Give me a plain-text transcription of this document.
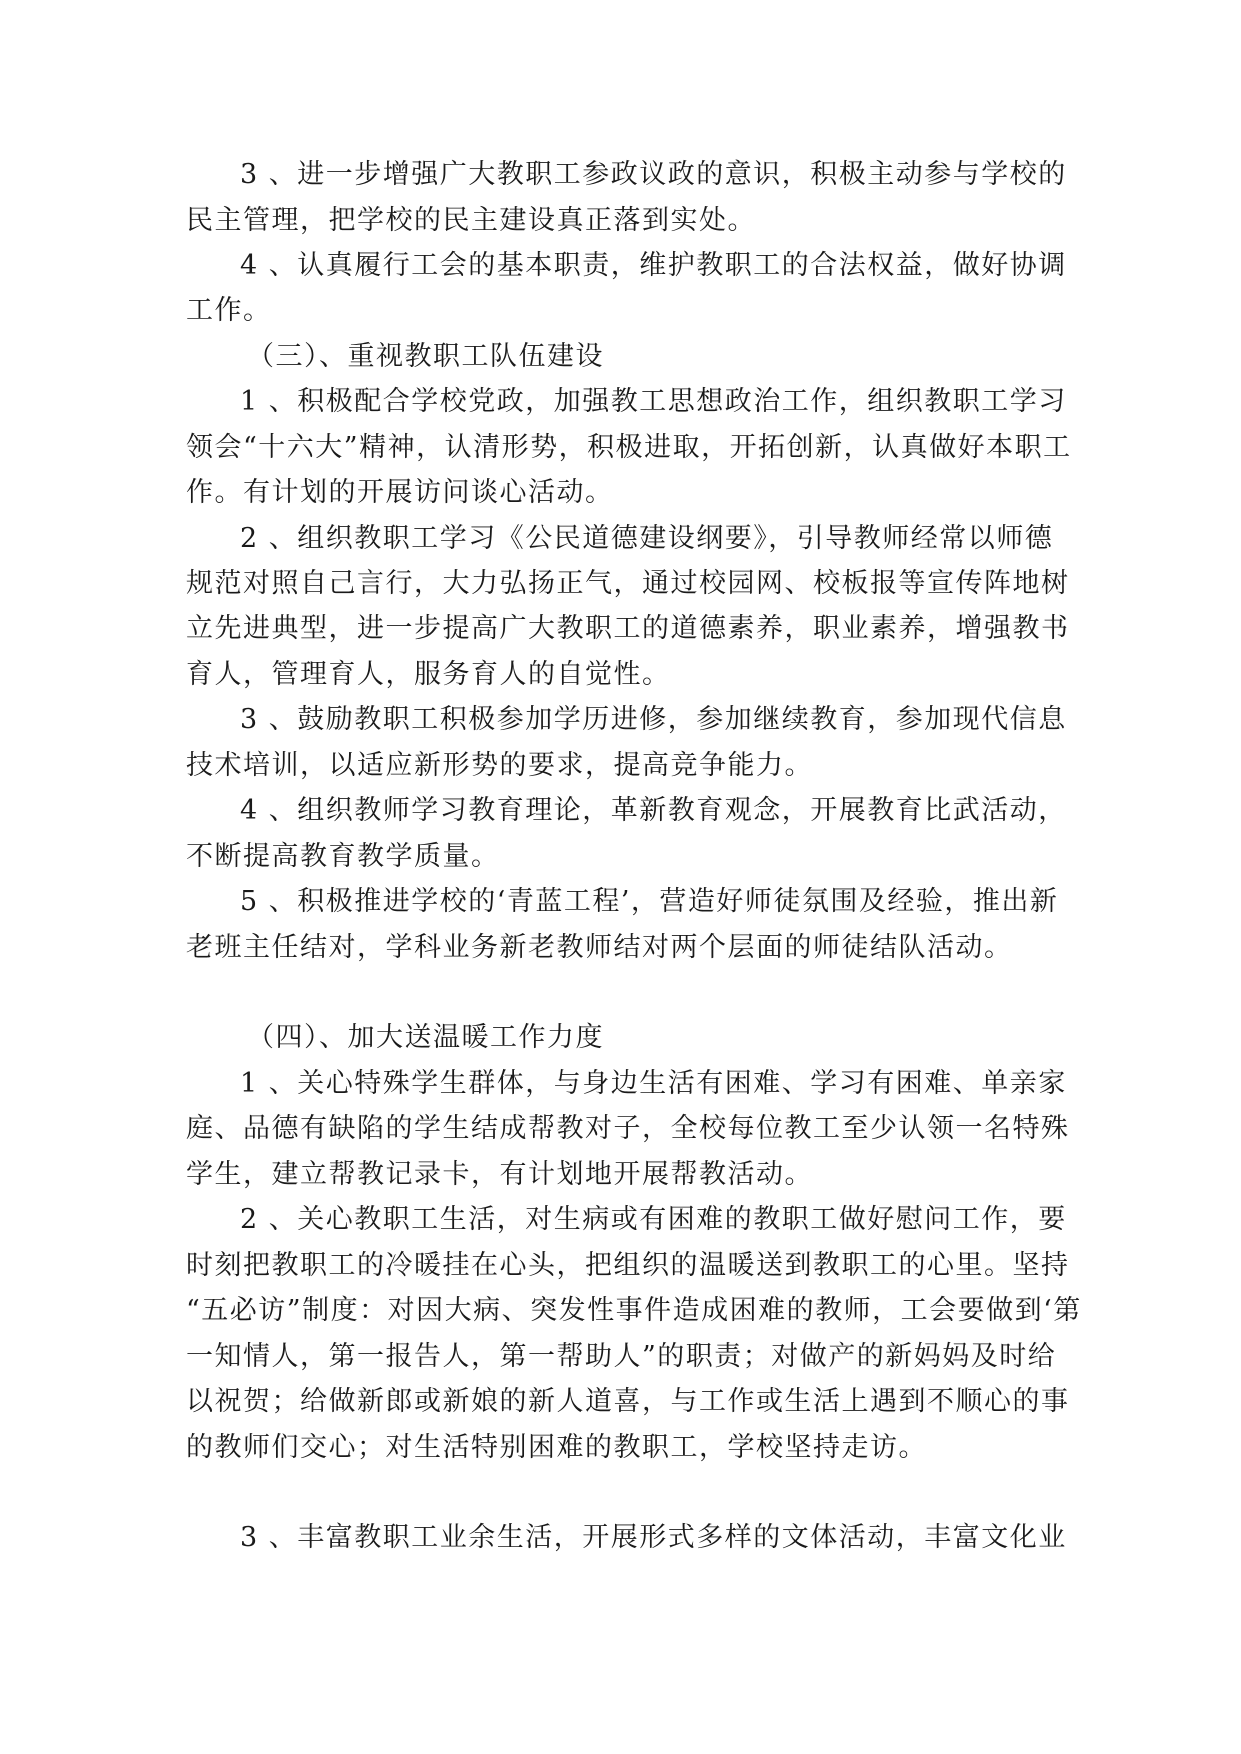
3 、进一步增强广大教职工参政议政的意识，积极主动参与学校的
民主管理，把学校的民主建设真正落到实处。
4 、认真履行工会的基本职责，维护教职工的合法权益，做好协调
工作。
（三）、重视教职工队伍建设
1 、积极配合学校党政，加强教工思想政治工作，组织教职工学习
领会“十六大”精神，认清形势，积极进取，开拓创新，认真做好本职工
作。有计划的开展访问谈心活动。
2 、组织教职工学习《公民道德建设纲要》，引导教师经常以师德
规范对照自己言行，大力弘扬正气，通过校园网、校板报等宣传阵地树
立先进典型，进一步提高广大教职工的道德素养，职业素养，增强教书
育人，管理育人，服务育人的自觉性。
3 、鼓励教职工积极参加学历进修，参加继续教育，参加现代信息
技术培训，以适应新形势的要求，提高竞争能力。
4 、组织教师学习教育理论，革新教育观念，开展教育比武活动，
不断提高教育教学质量。
5 、积极推进学校的‘青蓝工程’，营造好师徒氛围及经验，推出新
老班主任结对，学科业务新老教师结对两个层面的师徒结队活动。
（四）、加大送温暖工作力度
1 、关心特殊学生群体，与身边生活有困难、学习有困难、单亲家
庭、品德有缺陷的学生结成帮教对子，全校每位教工至少认领一名特殊
学生，建立帮教记录卡，有计划地开展帮教活动。
2 、关心教职工生活，对生病或有困难的教职工做好慰问工作，要
时刻把教职工的冷暖挂在心头，把组织的温暖送到教职工的心里。坚持
“五必访”制度：对因大病、突发性事件造成困难的教师，工会要做到‘第
一知情人，第一报告人，第一帮助人”的职责；对做产的新妈妈及时给
以祝贺；给做新郎或新娘的新人道喜，与工作或生活上遇到不顺心的事
的教师们交心；对生活特别困难的教职工，学校坚持走访。
3 、丰富教职工业余生活，开展形式多样的文体活动，丰富文化业
